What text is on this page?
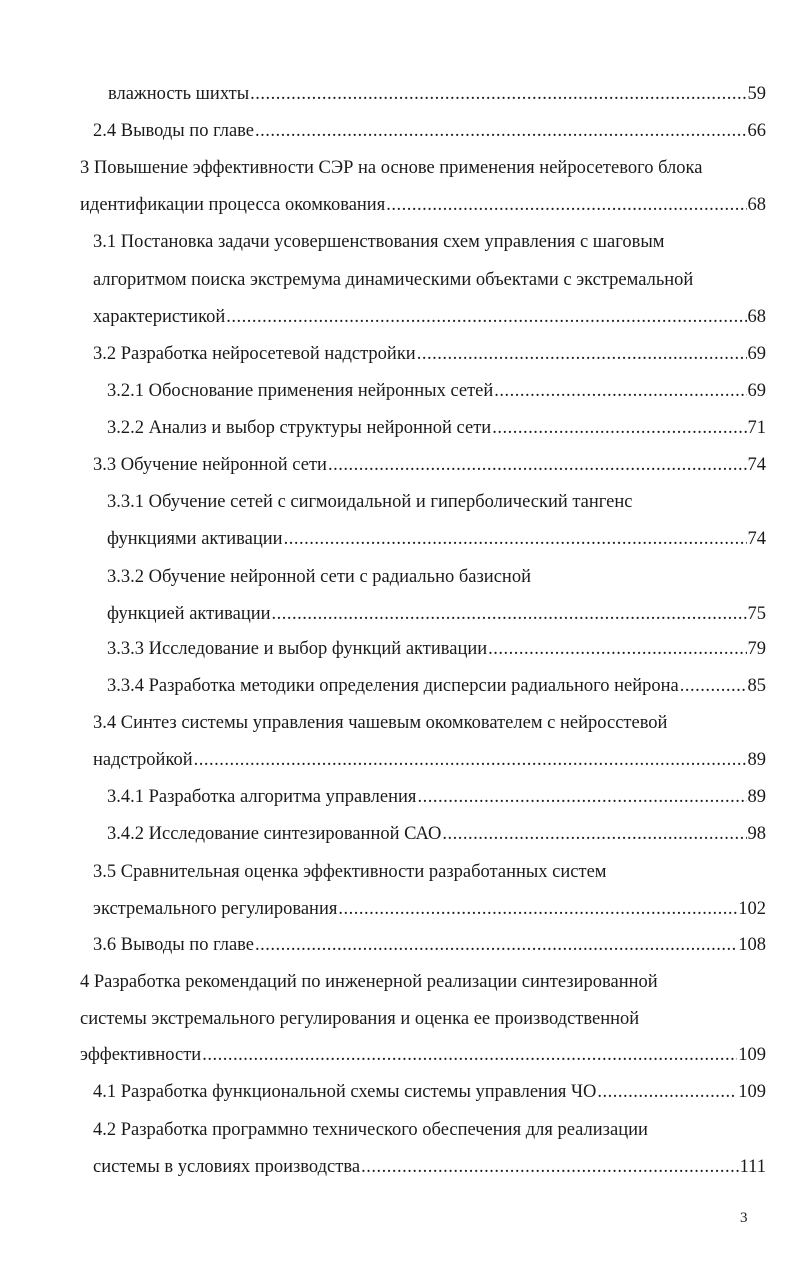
влажность шихты .....	59
2.4 Выводы по главе .....	66
3 Повышение эффективности СЭР на основе применения нейросетевого блока
идентификации процесса окомкования .....	68
3.1 Постановка задачи усовершенствования схем управления с шаговым
алгоритмом поиска экстремума динамическими объектами с экстремальной
характеристикой .....	68
3.2 Разработка нейросетевой надстройки .....	69
3.2.1 Обоснование применения нейронных сетей .....	69
3.2.2 Анализ и выбор структуры нейронной сети .....	71
3.3 Обучение нейронной сети .....	74
3.3.1 Обучение сетей с сигмоидальной и гиперболический тангенс
функциями активации .....	74
3.3.2 Обучение нейронной сети с радиально базисной
функцией активации .....	75
3.3.3 Исследование и выбор функций активации .....	79
3.3.4 Разработка методики определения дисперсии радиального нейрона .....	85
3.4 Синтез системы управления чашевым окомкователем с нейросстевой
надстройкой .....	89
3.4.1 Разработка алгоритма управления .....	89
3.4.2 Исследование синтезированной САО .....	98
3.5 Сравнительная оценка эффективности разработанных систем
экстремального регулирования .....	102
3.6 Выводы по главе .....	108
4 Разработка рекомендаций по инженерной реализации синтезированной
системы экстремального регулирования и оценка ее производственной
эффективности .....	109
4.1 Разработка функциональной схемы системы управления ЧО .....	109
4.2 Разработка программно технического обеспечения для реализации
системы в условиях производства .....	111
3
